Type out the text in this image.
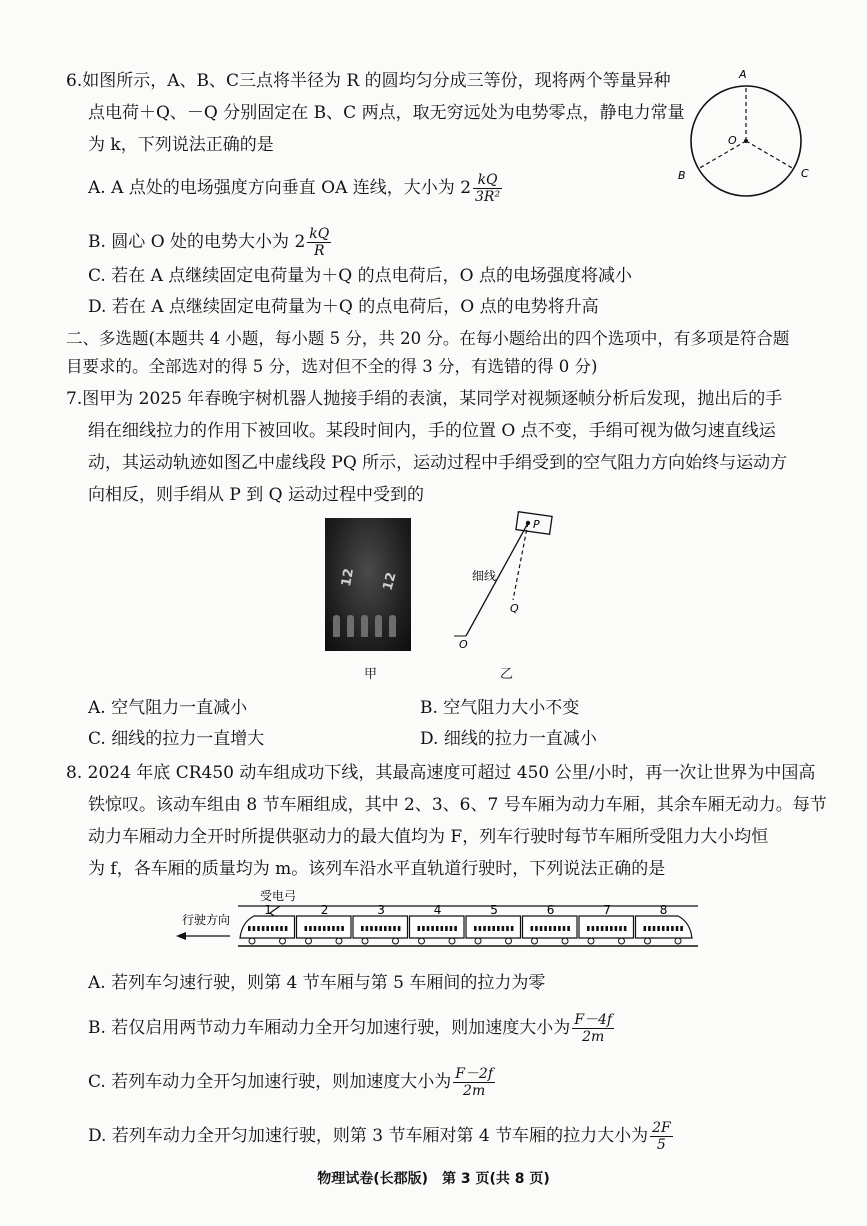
6.如图所示，A、B、C三点将半径为 R 的圆均匀分成三等份，现将两个等量异种
点电荷＋Q、－Q 分别固定在 B、C 两点，取无穷远处为电势零点，静电力常量
为 k，下列说法正确的是
A. A 点处的电场强度方向垂直 OA 连线，大小为 $2 \frac{kQ}{\text{3R²}}$
B. 圆心 O 处的电势大小为 $2 \frac{kQ}{R}$
C. 若在 A 点继续固定电荷量为＋Q 的点电荷后，O 点的电场强度将减小
D. 若在 A 点继续固定电荷量为＋Q 的点电荷后，O 点的电势将升高
A
O
B	C
二、多选题(本题共 4 小题，每小题 5 分，共 20 分。在每小题给出的四个选项中，有多项是符合题
目要求的。全部选对的得 5 分，选对但不全的得 3 分，有选错的得 0 分)
7.图甲为 2025 年春晚宇树机器人抛接手绢的表演，某同学对视频逐帧分析后发现，抛出后的手
绢在细线拉力的作用下被回收。某段时间内，手的位置 O 点不变，手绢可视为做匀速直线运
动，其运动轨迹如图乙中虚线段 PQ 所示，运动过程中手绢受到的空气阻力方向始终与运动方
向相反，则手绢从 P 到 Q 运动过程中受到的
12 12
甲
P
Q
O
细线
乙
A. 空气阻力一直减小	B. 空气阻力大小不变
C. 细线的拉力一直增大	D. 细线的拉力一直减小
8. 2024 年底 CR450 动车组成功下线，其最高速度可超过 450 公里/小时，再一次让世界为中国高
铁惊叹。该动车组由 8 节车厢组成，其中 2、3、6、7 号车厢为动力车厢，其余车厢无动力。每节
动力车厢动力全开时所提供驱动力的最大值均为 F，列车行驶时每节车厢所受阻力大小均恒
为 f，各车厢的质量均为 m。该列车沿水平直轨道行驶时，下列说法正确的是
受电弓
行驶方向
1	2	3	4	5	6	7	8
A. 若列车匀速行驶，则第 4 节车厢与第 5 车厢间的拉力为零
B. 若仅启用两节动力车厢动力全开匀加速行驶，则加速度大小为 $\frac{F-4f}{2m}$
C. 若列车动力全开匀加速行驶，则加速度大小为 $\frac{F-2f}{2m}$
D. 若列车动力全开匀加速行驶，则第 3 节车厢对第 4 节车厢的拉力大小为 $\frac{2F}{5}$
物理试卷(长郡版)　第 3 页(共 8 页)
